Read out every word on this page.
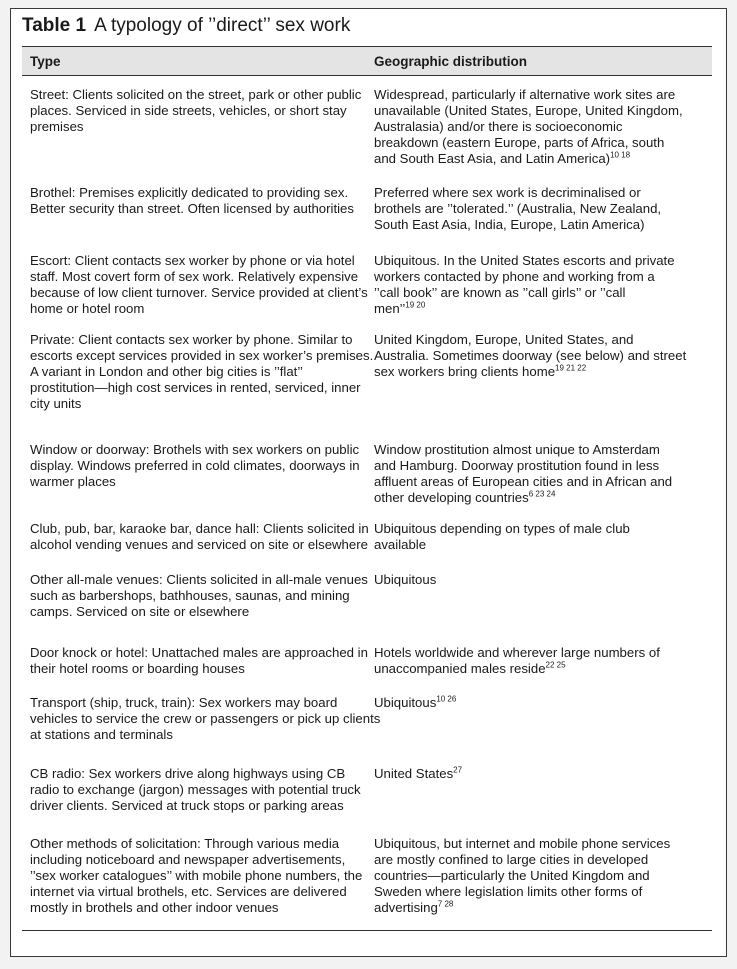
Table 1 A typology of ’’direct’’ sex work
Type	Geographic distribution
Street: Clients solicited on the street, park or other public
places. Serviced in side streets, vehicles, or short stay
premises
Widespread, particularly if alternative work sites are
unavailable (United States, Europe, United Kingdom,
Australasia) and/or there is socioeconomic
breakdown (eastern Europe, parts of Africa, south
and South East Asia, and Latin America)$^{10 18}$
Brothel: Premises explicitly dedicated to providing sex.
Better security than street. Often licensed by authorities
Preferred where sex work is decriminalised or
brothels are ’’tolerated.’’ (Australia, New Zealand,
South East Asia, India, Europe, Latin America)
Escort: Client contacts sex worker by phone or via hotel
staff. Most covert form of sex work. Relatively expensive
because of low client turnover. Service provided at client’s
home or hotel room
Ubiquitous. In the United States escorts and private
workers contacted by phone and working from a
’’call book’’ are known as ’’call girls’’ or ’’call
men’’$^{19 20}$
Private: Client contacts sex worker by phone. Similar to
escorts except services provided in sex worker’s premises.
A variant in London and other big cities is ’’flat’’
prostitution—high cost services in rented, serviced, inner
city units
United Kingdom, Europe, United States, and
Australia. Sometimes doorway (see below) and street
sex workers bring clients home$^{19 21 22}$
Window or doorway: Brothels with sex workers on public
display. Windows preferred in cold climates, doorways in
warmer places
Window prostitution almost unique to Amsterdam
and Hamburg. Doorway prostitution found in less
affluent areas of European cities and in African and
other developing countries$^{6 23 24}$
Club, pub, bar, karaoke bar, dance hall: Clients solicited in
alcohol vending venues and serviced on site or elsewhere
Ubiquitous depending on types of male club
available
Other all-male venues: Clients solicited in all-male venues
such as barbershops, bathhouses, saunas, and mining
camps. Serviced on site or elsewhere
Ubiquitous
Door knock or hotel: Unattached males are approached in
their hotel rooms or boarding houses
Hotels worldwide and wherever large numbers of
unaccompanied males reside$^{22 25}$
Transport (ship, truck, train): Sex workers may board
vehicles to service the crew or passengers or pick up clients
at stations and terminals
Ubiquitous$^{10 26}$
CB radio: Sex workers drive along highways using CB
radio to exchange (jargon) messages with potential truck
driver clients. Serviced at truck stops or parking areas
United States$^{27}$
Other methods of solicitation: Through various media
including noticeboard and newspaper advertisements,
’’sex worker catalogues’’ with mobile phone numbers, the
internet via virtual brothels, etc. Services are delivered
mostly in brothels and other indoor venues
Ubiquitous, but internet and mobile phone services
are mostly confined to large cities in developed
countries—particularly the United Kingdom and
Sweden where legislation limits other forms of
advertising$^{7 28}$
